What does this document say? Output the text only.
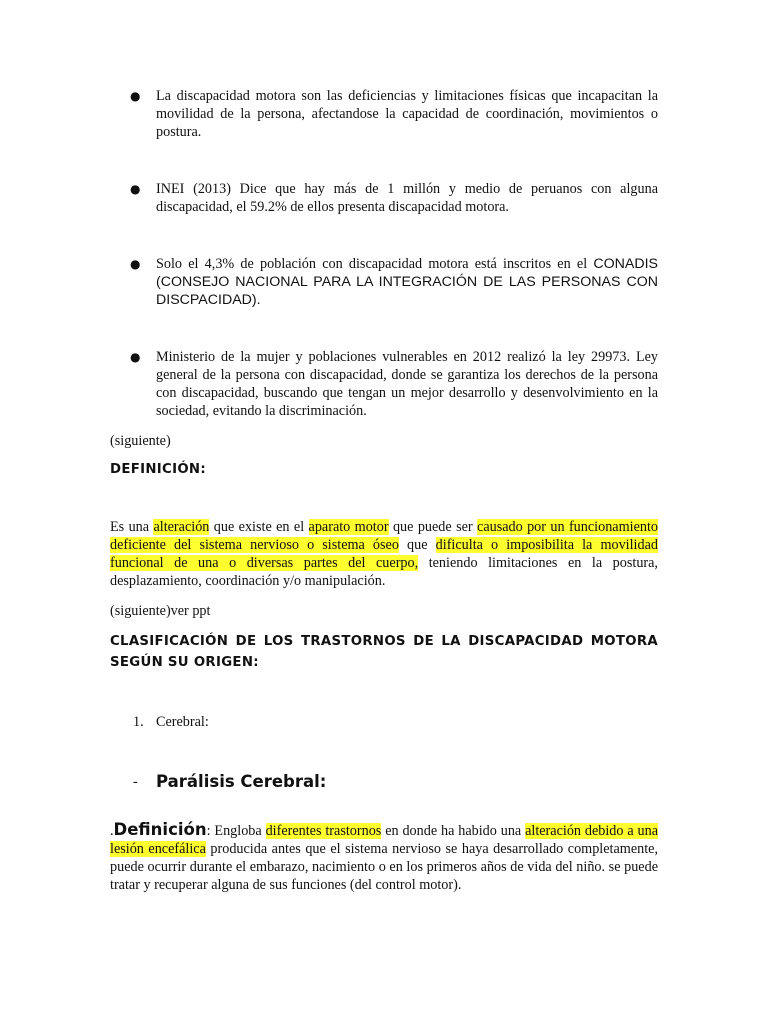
● La discapacidad motora son las deficiencias y limitaciones físicas que incapacitan la movilidad de la persona, afectandose la capacidad de coordinación, movimientos o postura.

● INEI (2013) Dice que hay más de 1 millón y medio de peruanos con alguna discapacidad, el 59.2% de ellos presenta discapacidad motora.

● Solo el 4,3% de población con discapacidad motora está inscritos en el CONADIS (CONSEJO NACIONAL PARA LA INTEGRACIÓN DE LAS PERSONAS CON DISCPACIDAD).

● Ministerio de la mujer y poblaciones vulnerables en 2012 realizó la ley 29973. Ley general de la persona con discapacidad, donde se garantiza los derechos de la persona con discapacidad, buscando que tengan un mejor desarrollo y desenvolvimiento en la sociedad, evitando la discriminación.

(siguiente)

DEFINICIÓN:

Es una alteración que existe en el aparato motor que puede ser causado por un funcionamiento deficiente del sistema nervioso o sistema óseo que dificulta o imposibilita la movilidad funcional de una o diversas partes del cuerpo, teniendo limitaciones en la postura, desplazamiento, coordinación y/o manipulación.

(siguiente)ver ppt

CLASIFICACIÓN DE LOS TRASTORNOS DE LA DISCAPACIDAD MOTORA SEGÚN SU ORIGEN:

1. Cerebral:
- Parálisis Cerebral:

.Definición: Engloba diferentes trastornos en donde ha habido una alteración debido a una lesión encefálica producida antes que el sistema nervioso se haya desarrollado completamente, puede ocurrir durante el embarazo, nacimiento o en los primeros años de vida del niño. se puede tratar y recuperar alguna de sus funciones (del control motor).
